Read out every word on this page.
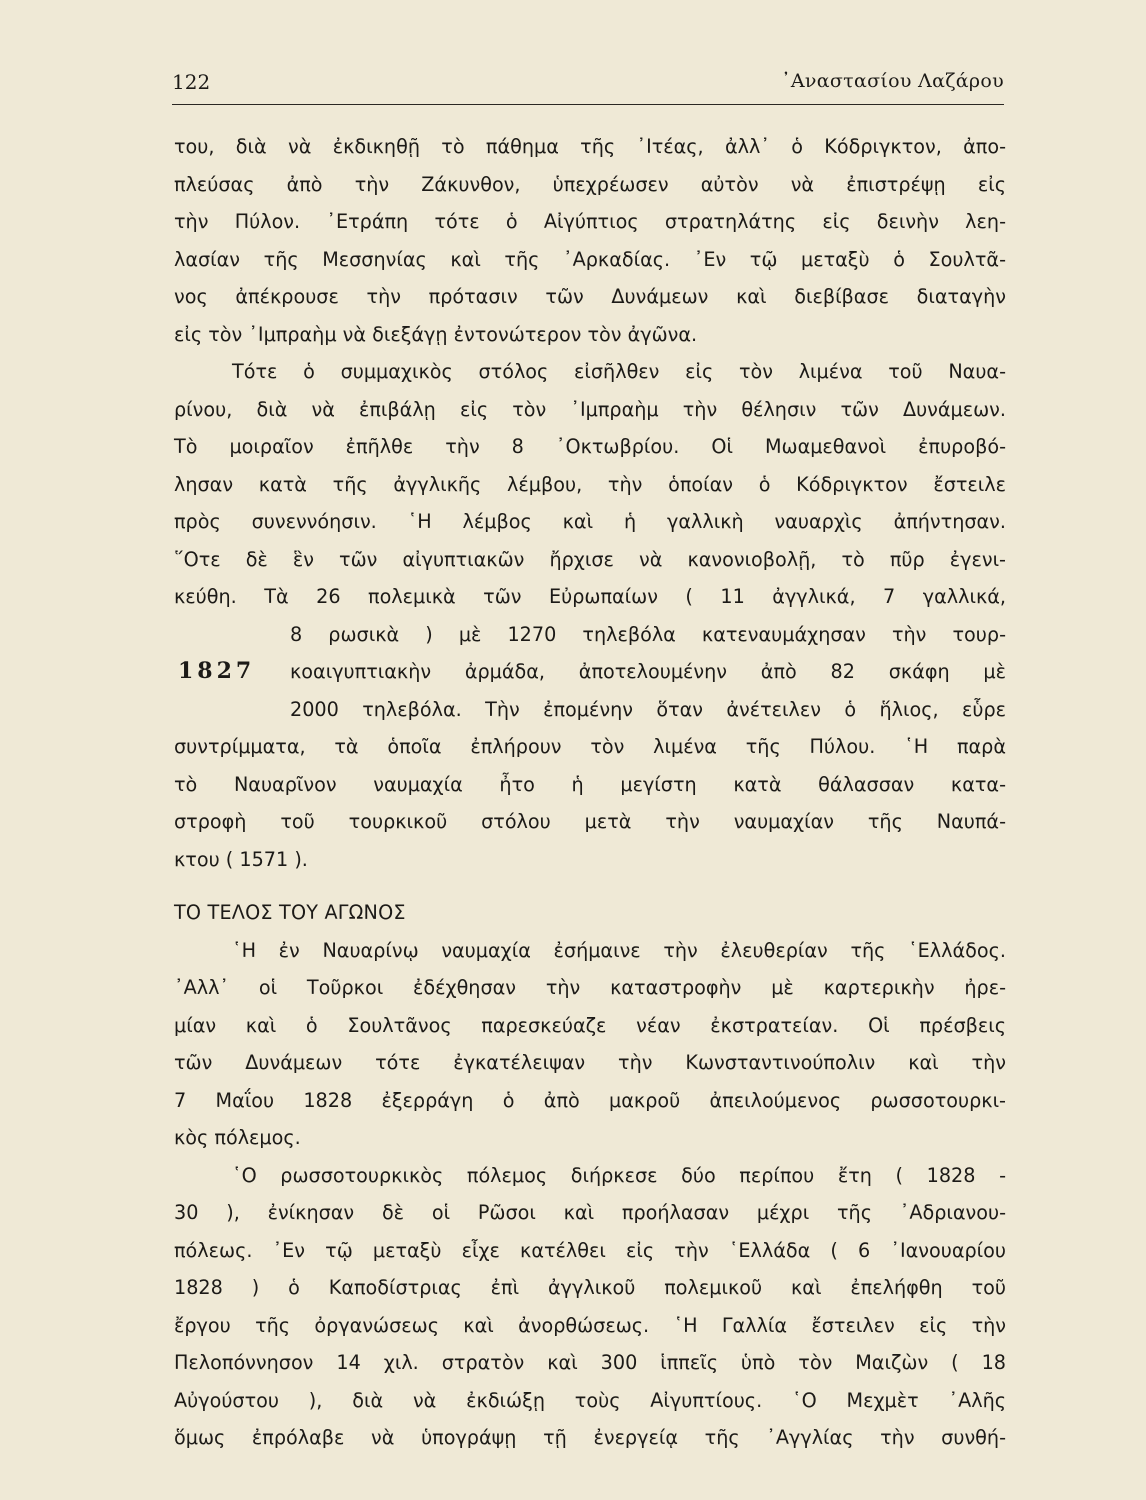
122	᾿Αναστασίου Λαζάρου
του, διὰ νὰ ἐκδικηθῇ τὸ πάθημα τῆς ᾿Ιτέας, ἀλλ᾿ ὁ Κόδριγκτον, ἀπο-
πλεύσας ἀπὸ τὴν Ζάκυνθον, ὑπεχρέωσεν αὐτὸν νὰ ἐπιστρέψῃ εἰς
τὴν Πύλον. ᾿Ετράπη τότε ὁ Αἰγύπτιος στρατηλάτης εἰς δεινὴν λεη-
λασίαν τῆς Μεσσηνίας καὶ τῆς ᾿Αρκαδίας. ᾿Εν τῷ μεταξὺ ὁ Σουλτᾶ-
νος ἀπέκρουσε τὴν πρότασιν τῶν Δυνάμεων καὶ διεβίβασε διαταγὴν
εἰς τὸν ᾿Ιμπραὴμ νὰ διεξάγῃ ἐντονώτερον τὸν ἀγῶνα.
Τότε ὁ συμμαχικὸς στόλος εἰσῆλθεν εἰς τὸν λιμένα τοῦ Ναυα-
ρίνου, διὰ νὰ ἐπιβάλῃ εἰς τὸν ᾿Ιμπραὴμ τὴν θέλησιν τῶν Δυνάμεων.
Τὸ μοιραῖον ἐπῆλθε τὴν 8 ᾿Οκτωβρίου. Οἱ Μωαμεθανοὶ ἐπυροβό-
λησαν κατὰ τῆς ἀγγλικῆς λέμβου, τὴν ὁποίαν ὁ Κόδριγκτον ἔστειλε
πρὸς συνεννόησιν. ῾Η λέμβος καὶ ἡ γαλλικὴ ναυαρχὶς ἀπήντησαν.
῞Οτε δὲ ἓν τῶν αἰγυπτιακῶν ἤρχισε νὰ κανονιοβολῇ, τὸ πῦρ ἐγενι-
κεύθη. Τὰ 26 πολεμικὰ τῶν Εὐρωπαίων ( 11 ἀγγλικά, 7 γαλλικά,
8 ρωσικὰ ) μὲ 1270 τηλεβόλα κατεναυμάχησαν τὴν τουρ-
1827	κοαιγυπτιακὴν ἀρμάδα, ἀποτελουμένην ἀπὸ 82 σκάφη μὲ
2000 τηλεβόλα. Τὴν ἐπομένην ὅταν ἀνέτειλεν ὁ ἥλιος, εὗρε
συντρίμματα, τὰ ὁποῖα ἐπλήρουν τὸν λιμένα τῆς Πύλου. ῾Η παρὰ
τὸ Ναυαρῖνον ναυμαχία ἦτο ἡ μεγίστη κατὰ θάλασσαν κατα-
στροφὴ τοῦ τουρκικοῦ στόλου μετὰ τὴν ναυμαχίαν τῆς Ναυπά-
κτου ( 1571 ).
ΤΟ ΤΕΛΟΣ ΤΟΥ ΑΓΩΝΟΣ
῾Η ἐν Ναυαρίνῳ ναυμαχία ἐσήμαινε τὴν ἐλευθερίαν τῆς ῾Ελλάδος.
᾿Αλλ᾿ οἱ Τοῦρκοι ἐδέχθησαν τὴν καταστροφὴν μὲ καρτερικὴν ἠρε-
μίαν καὶ ὁ Σουλτᾶνος παρεσκεύαζε νέαν ἐκστρατείαν. Οἱ πρέσβεις
τῶν Δυνάμεων τότε ἐγκατέλειψαν τὴν Κωνσταντινούπολιν καὶ τὴν
7 Μαΐου 1828 ἐξερράγη ὁ ἀπὸ μακροῦ ἀπειλούμενος ρωσσοτουρκι-
κὸς πόλεμος.
῾Ο ρωσσοτουρκικὸς πόλεμος διήρκεσε δύο περίπου ἔτη ( 1828 -
30 ), ἐνίκησαν δὲ οἱ Ρῶσοι καὶ προήλασαν μέχρι τῆς ᾿Αδριανου-
πόλεως. ᾿Εν τῷ μεταξὺ εἶχε κατέλθει εἰς τὴν ῾Ελλάδα ( 6 ᾿Ιανουαρίου
1828 ) ὁ Καποδίστριας ἐπὶ ἀγγλικοῦ πολεμικοῦ καὶ ἐπελήφθη τοῦ
ἔργου τῆς ὀργανώσεως καὶ ἀνορθώσεως. ῾Η Γαλλία ἔστειλεν εἰς τὴν
Πελοπόννησον 14 χιλ. στρατὸν καὶ 300 ἱππεῖς ὑπὸ τὸν Μαιζὼν ( 18
Αὐγούστου ), διὰ νὰ ἐκδιώξῃ τοὺς Αἰγυπτίους. ῾Ο Μεχμὲτ ᾿Αλῆς
ὅμως ἐπρόλαβε νὰ ὑπογράψῃ τῇ ἐνεργείᾳ τῆς ᾿Αγγλίας τὴν συνθή-
